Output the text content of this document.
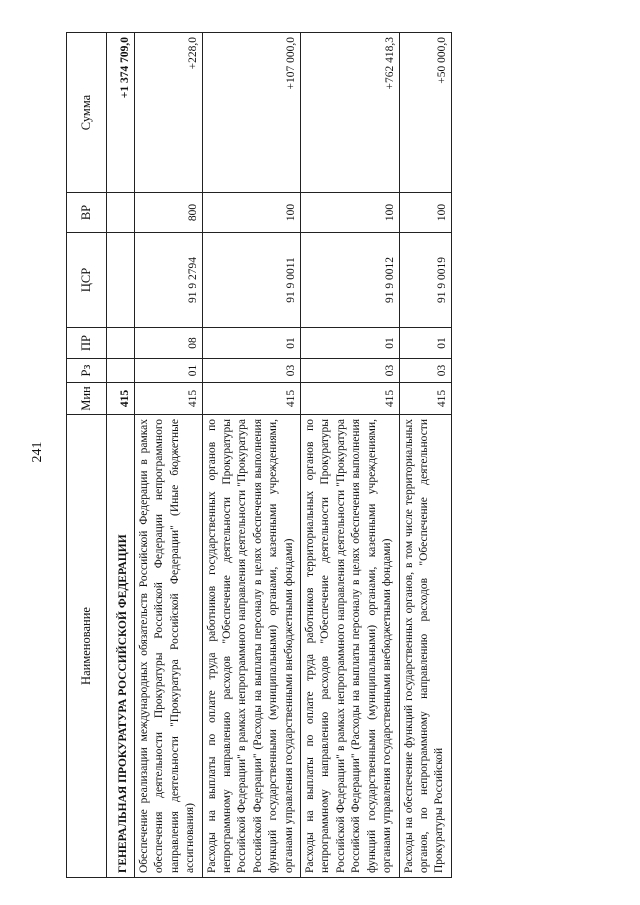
241
Наименование	Мин	Рз	ПР	ЦСР	ВР	Сумма
ГЕНЕРАЛЬНАЯ ПРОКУРАТУРА РОССИЙСКОЙ ФЕДЕРАЦИИ	415					+1 374 709,0
Обеспечение реализации международных обязательств Российской Федерации в рамках обеспечения деятельности Прокуратуры Российской Федерации непрограммного направления деятельности "Прокуратура Российской Федерации" (Иные бюджетные ассигнования)	415	01	08	91 9 2794	800	+228,0
Расходы на выплаты по оплате труда работников государственных органов по непрограммному направлению расходов "Обеспечение деятельности Прокуратуры Российской Федерации" в рамках непрограммного направления деятельности "Прокуратура Российской Федерации" (Расходы на выплаты персоналу в целях обеспечения выполнения функций государственными (муниципальными) органами, казенными учреждениями, органами управления государственными внебюджетными фондами)	415	03	01	91 9 0011	100	+107 000,0
Расходы на выплаты по оплате труда работников территориальных органов по непрограммному направлению расходов "Обеспечение деятельности Прокуратуры Российской Федерации" в рамках непрограммного направления деятельности "Прокуратура Российской Федерации" (Расходы на выплаты персоналу в целях обеспечения выполнения функций государственными (муниципальными) органами, казенными учреждениями, органами управления государственными внебюджетными фондами)	415	03	01	91 9 0012	100	+762 418,3
Расходы на обеспечение функций государственных органов, в том числе территориальных органов, по непрограммному направлению расходов "Обеспечение деятельности Прокуратуры Российской	415	03	01	91 9 0019	100	+50 000,0
